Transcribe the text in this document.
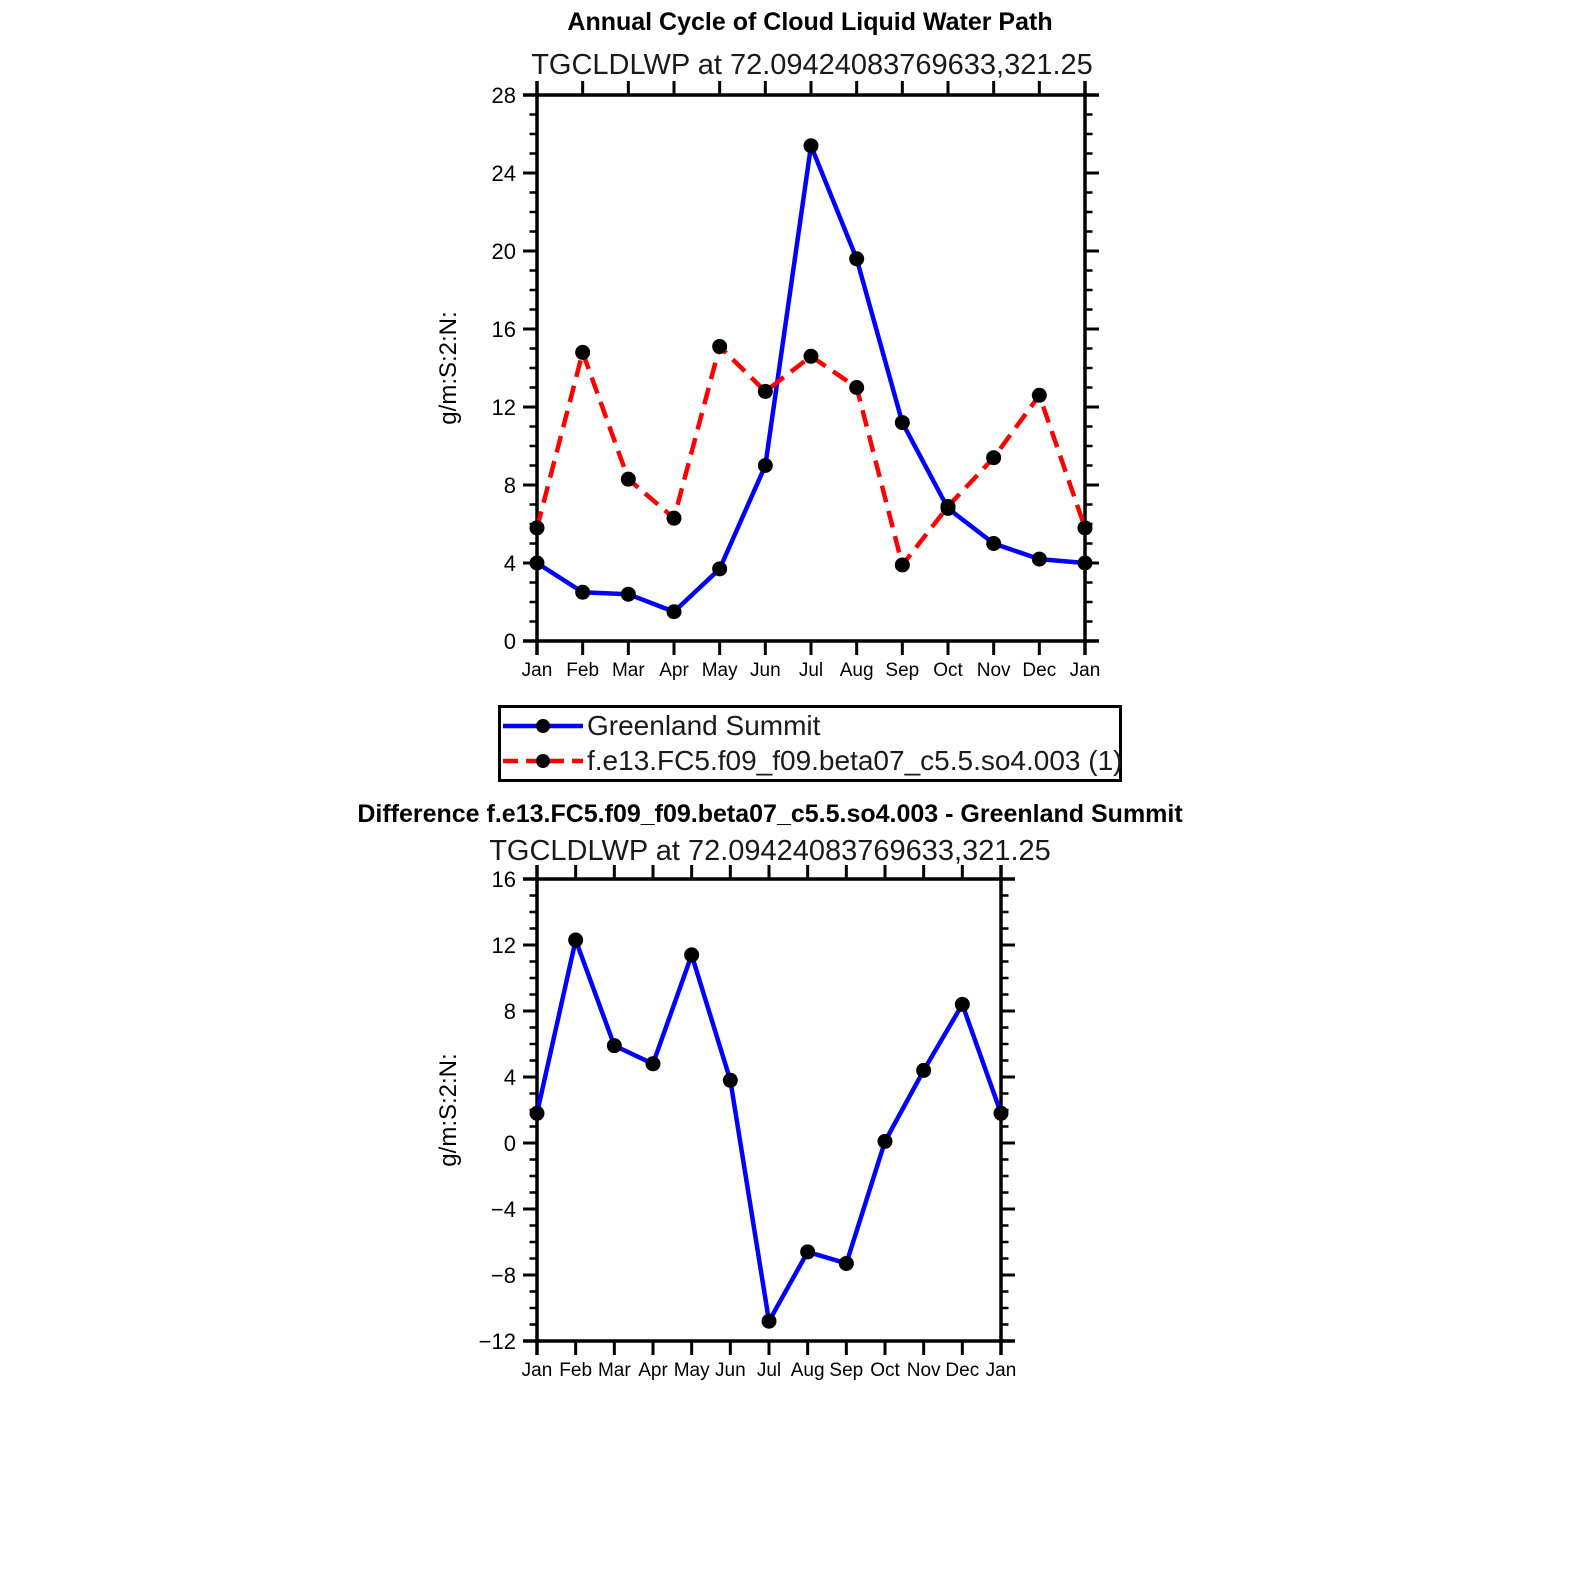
Annual Cycle of Cloud Liquid Water Path
TGCLDLWP at 72.09424083769633,321.25
Difference f.e13.FC5.f09_f09.beta07_c5.5.so4.003 - Greenland Summit
TGCLDLWP at 72.09424083769633,321.25
Jan Feb Mar Apr May Jun Jul Aug Sep Oct Nov Dec Jan
0
4
8
12
16
20
24
28
g/m:S:2:N:
Jan Feb Mar Apr May Jun Jul Aug Sep Oct Nov Dec Jan
−12
−8
−4
0
4
8
12
16
g/m:S:2:N:
Greenland Summit
f.e13.FC5.f09_f09.beta07_c5.5.so4.003 (1)
